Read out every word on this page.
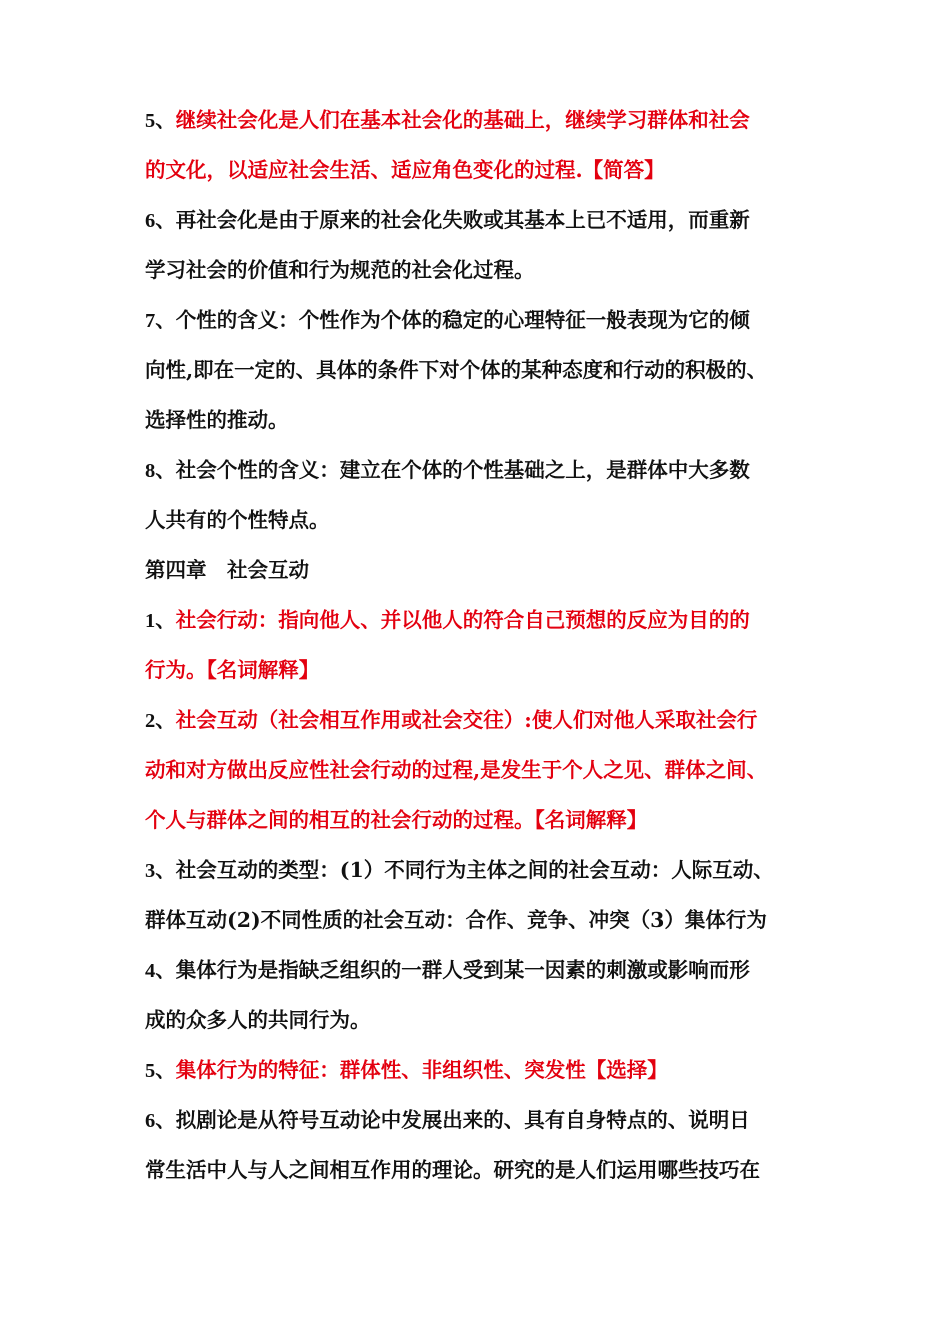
5、继续社会化是人们在基本社会化的基础上，继续学习群体和社会
的文化，以适应社会生活、适应角色变化的过程.【简答】
6、再社会化是由于原来的社会化失败或其基本上已不适用，而重新
学习社会的价值和行为规范的社会化过程。
7、个性的含义：个性作为个体的稳定的心理特征一般表现为它的倾
向性,即在一定的、具体的条件下对个体的某种态度和行动的积极的、
选择性的推动。
8、社会个性的含义：建立在个体的个性基础之上，是群体中大多数
人共有的个性特点。
第四章　社会互动
1、社会行动：指向他人、并以他人的符合自己预想的反应为目的的
行为。【名词解释】
2、社会互动（社会相互作用或社会交往）:使人们对他人采取社会行
动和对方做出反应性社会行动的过程,是发生于个人之见、群体之间、
个人与群体之间的相互的社会行动的过程。【名词解释】
3、社会互动的类型：(1）不同行为主体之间的社会互动：人际互动、
群体互动(2)不同性质的社会互动：合作、竞争、冲突（3）集体行为
4、集体行为是指缺乏组织的一群人受到某一因素的刺激或影响而形
成的众多人的共同行为。
5、集体行为的特征：群体性、非组织性、突发性【选择】
6、拟剧论是从符号互动论中发展出来的、具有自身特点的、说明日
常生活中人与人之间相互作用的理论。研究的是人们运用哪些技巧在
